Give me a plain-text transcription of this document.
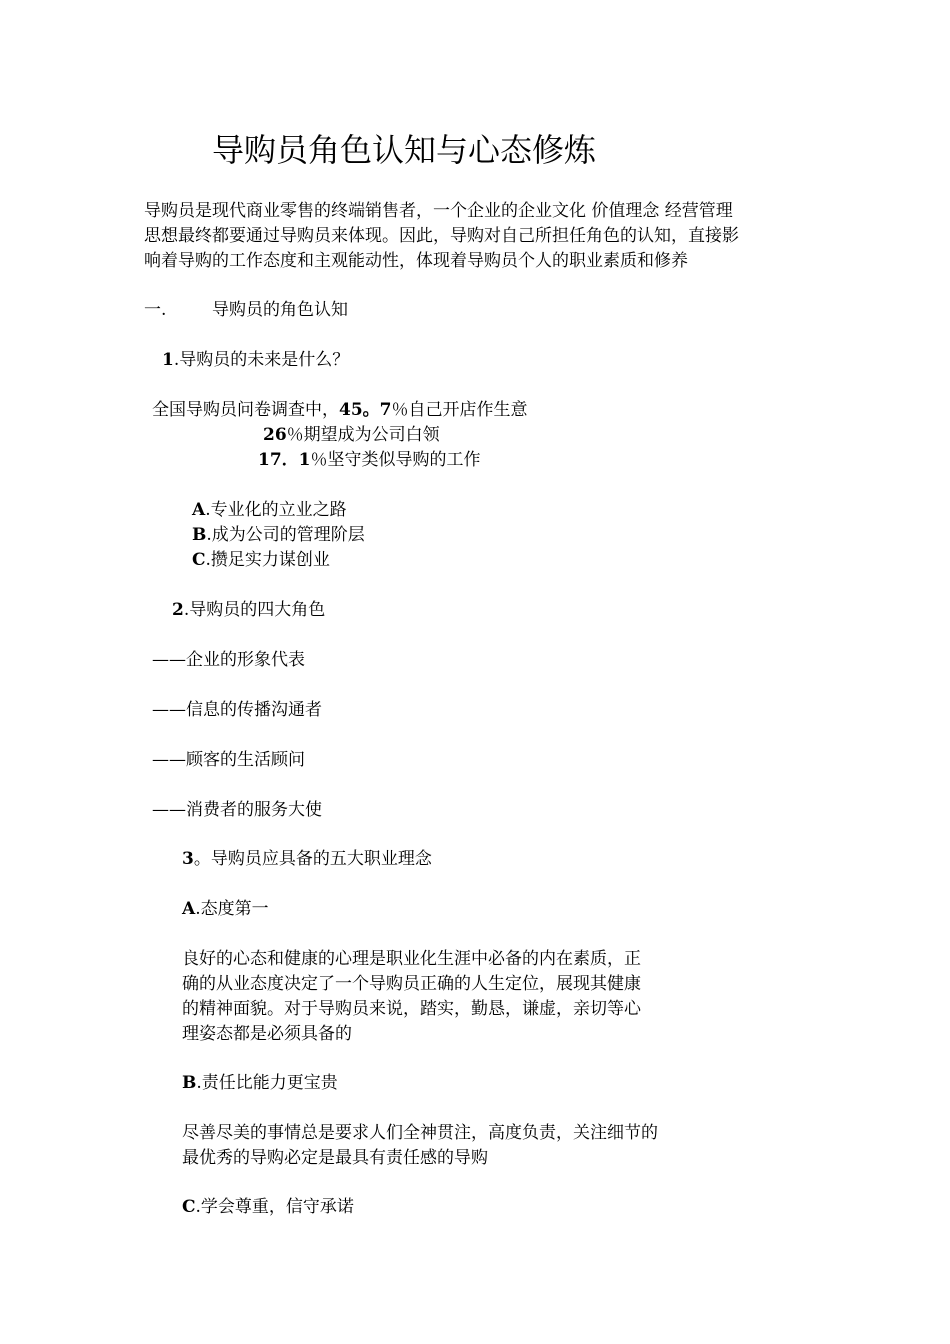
导购员角色认知与心态修炼
导购员是现代商业零售的终端销售者，一个企业的企业文化 价值理念 经营管理
思想最终都要通过导购员来体现。因此，导购对自己所担任角色的认知，直接影
响着导购的工作态度和主观能动性，体现着导购员个人的职业素质和修养
一.	导购员的角色认知
1.导购员的未来是什么？
全国导购员问卷调查中，45。7％自己开店作生意
26％期望成为公司白领
17．1％坚守类似导购的工作
A.专业化的立业之路
B.成为公司的管理阶层
C.攒足实力谋创业
2.导购员的四大角色
——企业的形象代表
——信息的传播沟通者
——顾客的生活顾问
——消费者的服务大使
3。导购员应具备的五大职业理念
A.态度第一
良好的心态和健康的心理是职业化生涯中必备的内在素质，正
确的从业态度决定了一个导购员正确的人生定位，展现其健康
的精神面貌。对于导购员来说，踏实，勤恳，谦虚，亲切等心
理姿态都是必须具备的
B.责任比能力更宝贵
尽善尽美的事情总是要求人们全神贯注，高度负责，关注细节的
最优秀的导购必定是最具有责任感的导购
C.学会尊重，信守承诺
